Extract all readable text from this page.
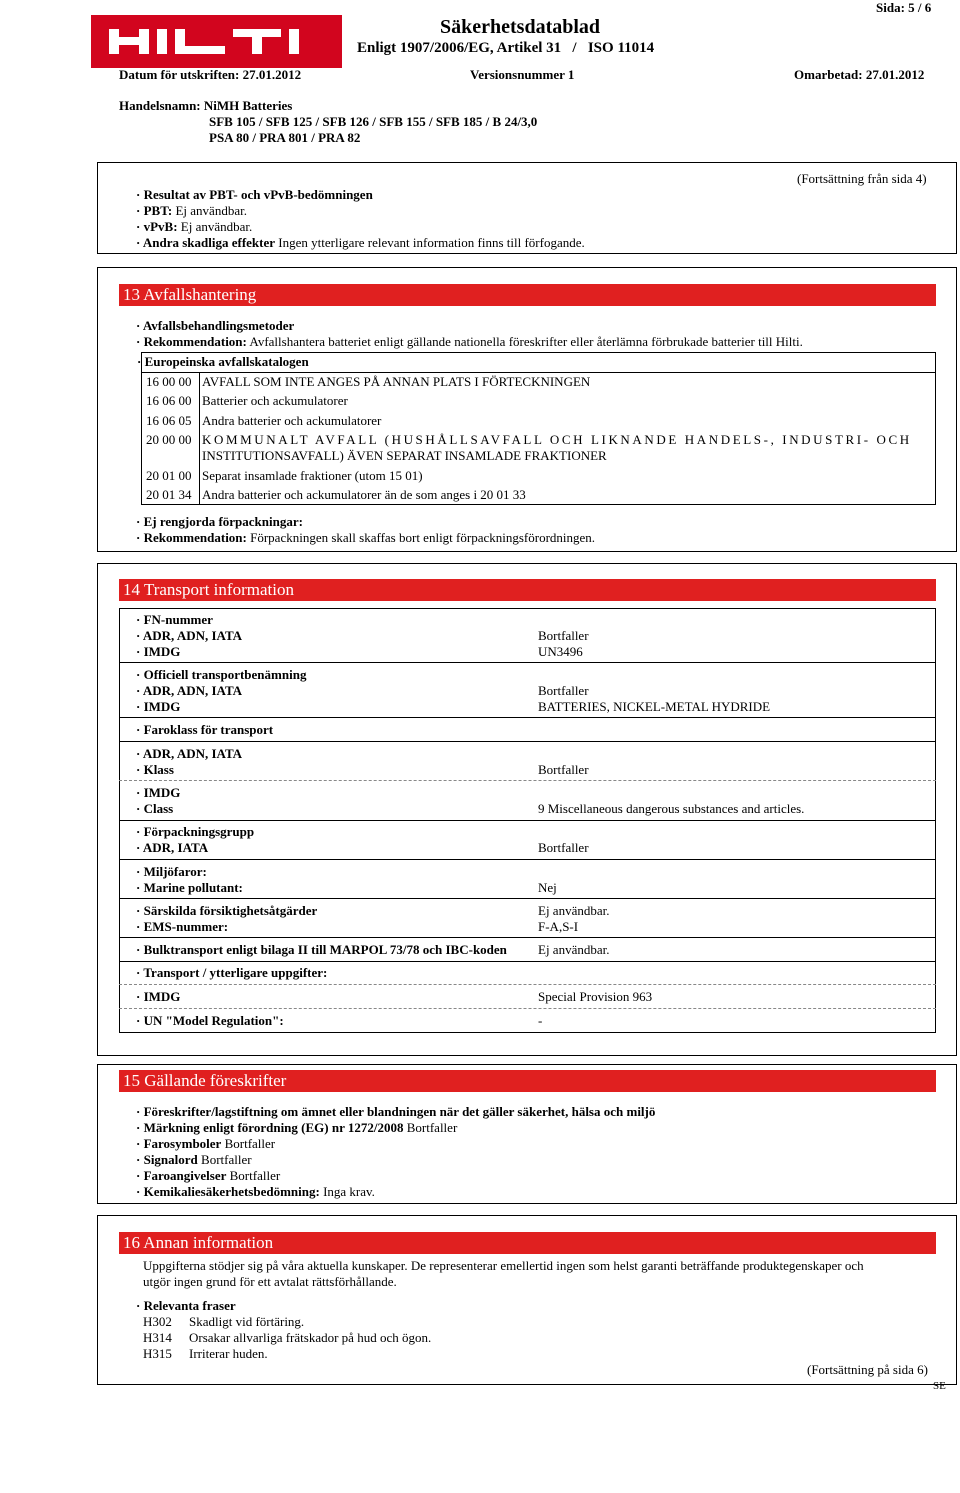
Säkerhetsdatablad
Enligt 1907/2006/EG, Artikel 31   /   ISO 11014
Sida: 5 / 6
Datum för utskriften: 27.01.2012	Versionsnummer 1	Omarbetad: 27.01.2012
Handelsnamn: NiMH Batteries
SFB 105 / SFB 125 / SFB 126 / SFB 155 / SFB 185 / B 24/3,0
PSA 80 / PRA 801 / PRA 82
(Fortsättning från sida 4)
· Resultat av PBT- och vPvB-bedömningen
· PBT: Ej användbar.
· vPvB: Ej användbar.
· Andra skadliga effekter Ingen ytterligare relevant information finns till förfogande.
13 Avfallshantering
· Avfallsbehandlingsmetoder
· Rekommendation: Avfallshantera batteriet enligt gällande nationella föreskrifter eller återlämna förbrukade batterier till Hilti.
· Europeinska avfallskatalogen
16 00 00 AVFALL SOM INTE ANGES PÅ ANNAN PLATS I FÖRTECKNINGEN
16 06 00 Batterier och ackumulatorer
16 06 05 Andra batterier och ackumulatorer
20 00 00 KOMMUNALT AVFALL (HUSHÅLLSAVFALL OCH LIKNANDE HANDELS-, INDUSTRI- OCH
INSTITUTIONSAVFALL) ÄVEN SEPARAT INSAMLADE FRAKTIONER
20 01 00 Separat insamlade fraktioner (utom 15 01)
20 01 34 Andra batterier och ackumulatorer än de som anges i 20 01 33
· Ej rengjorda förpackningar:
· Rekommendation: Förpackningen skall skaffas bort enligt förpackningsförordningen.
14 Transport information
· FN-nummer
· ADR, ADN, IATA	Bortfaller
· IMDG	UN3496
· Officiell transportbenämning
· ADR, ADN, IATA	Bortfaller
· IMDG	BATTERIES, NICKEL-METAL HYDRIDE
· Faroklass för transport
· ADR, ADN, IATA
· Klass	Bortfaller
· IMDG
· Class	9 Miscellaneous dangerous substances and articles.
· Förpackningsgrupp
· ADR, IATA	Bortfaller
· Miljöfaror:
· Marine pollutant:	Nej
· Särskilda försiktighetsåtgärder	Ej användbar.
· EMS-nummer:	F-A,S-I
· Bulktransport enligt bilaga II till MARPOL 73/78 och IBC-koden Ej användbar.
· Transport / ytterligare uppgifter:
· IMDG	Special Provision 963
· UN "Model Regulation":	-
15 Gällande föreskrifter
· Föreskrifter/lagstiftning om ämnet eller blandningen när det gäller säkerhet, hälsa och miljö
· Märkning enligt förordning (EG) nr 1272/2008 Bortfaller
· Farosymboler Bortfaller
· Signalord Bortfaller
· Faroangivelser Bortfaller
· Kemikaliesäkerhetsbedömning: Inga krav.
16 Annan information
Uppgifterna stödjer sig på våra aktuella kunskaper. De representerar emellertid ingen som helst garanti beträffande produktegenskaper och
utgör ingen grund för ett avtalat rättsförhållande.
· Relevanta fraser
H302 Skadligt vid förtäring.
H314 Orsakar allvarliga frätskador på hud och ögon.
H315 Irriterar huden.
(Fortsättning på sida 6)
SE
